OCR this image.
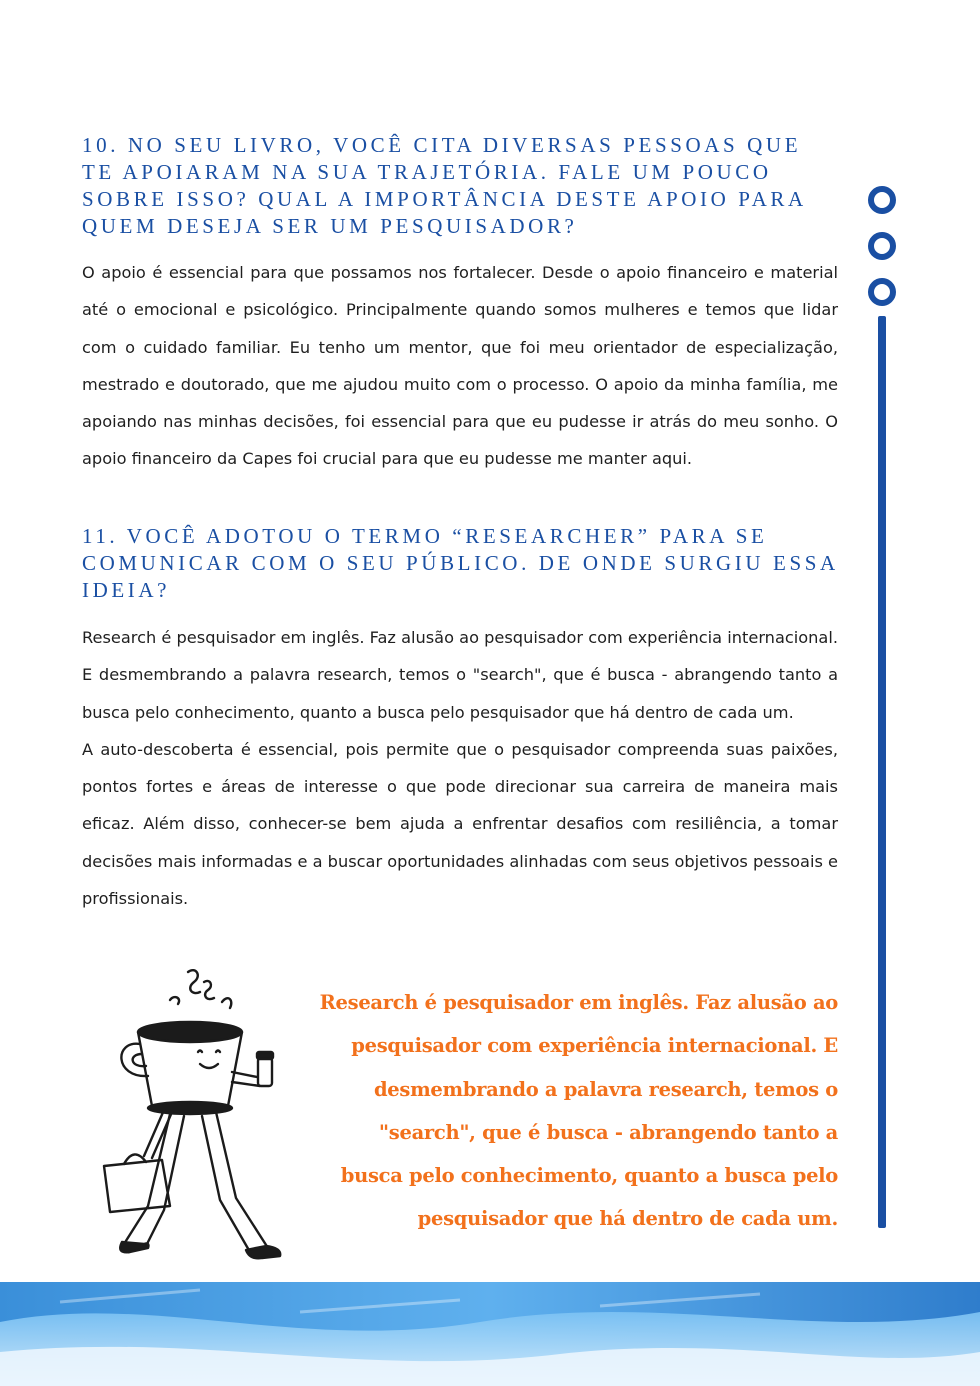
10. NO SEU LIVRO, VOCÊ CITA DIVERSAS PESSOAS QUE TE APOIARAM NA SUA TRAJETÓRIA. FALE UM POUCO SOBRE ISSO? QUAL A IMPORTÂNCIA DESTE APOIO PARA QUEM DESEJA SER UM PESQUISADOR?

O apoio é essencial para que possamos nos fortalecer. Desde o apoio financeiro e material até o emocional e psicológico. Principalmente quando somos mulheres e temos que lidar com o cuidado familiar. Eu tenho um mentor, que foi meu orientador de especialização, mestrado e doutorado, que me ajudou muito com o processo. O apoio da minha família, me apoiando nas minhas decisões, foi essencial para que eu pudesse ir atrás do meu sonho. O apoio financeiro da Capes foi crucial para que eu pudesse me manter aqui.

11. VOCÊ ADOTOU O TERMO “RESEARCHER” PARA SE COMUNICAR COM O SEU PÚBLICO. DE ONDE SURGIU ESSA IDEIA?

Research é pesquisador em inglês. Faz alusão ao pesquisador com experiência internacional. E desmembrando a palavra research, temos o "search", que é busca - abrangendo tanto a busca pelo conhecimento, quanto a busca pelo pesquisador que há dentro de cada um.

A auto-descoberta é essencial, pois permite que o pesquisador compreenda suas paixões, pontos fortes e áreas de interesse o que pode direcionar sua carreira de maneira mais eficaz. Além disso, conhecer-se bem ajuda a enfrentar desafios com resiliência, a tomar decisões mais informadas e a buscar oportunidades alinhadas com seus objetivos pessoais e profissionais.

Research é pesquisador em inglês. Faz alusão ao
pesquisador com experiência internacional. E
desmembrando a palavra research, temos o
"search", que é busca - abrangendo tanto a
busca pelo conhecimento, quanto a busca pelo
pesquisador que há dentro de cada um.
